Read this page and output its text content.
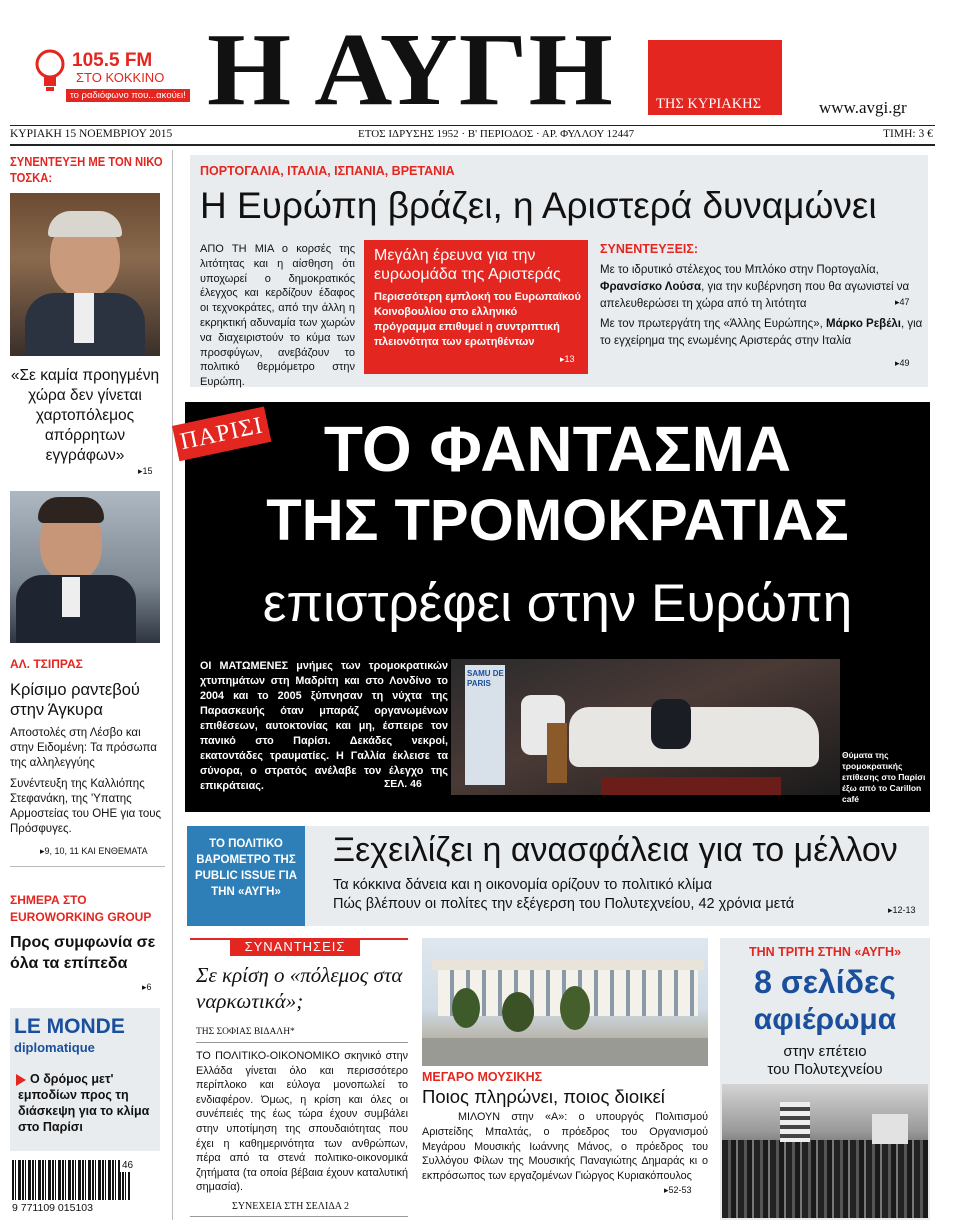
105.5 FM
ΣΤΟ ΚΟΚΚΙΝΟ
το ραδιόφωνο που...ακούει! Η ΑΥΓΗ	ΤΗΣ ΚΥΡΙΑΚΗΣ	www.avgi.gr
ΚΥΡΙΑΚΗ 15 ΝΟΕΜΒΡΙΟΥ 2015	ΕΤΟΣ ΙΔΡΥΣΗΣ 1952 · Β' ΠΕΡΙΟΔΟΣ · ΑΡ. ΦΥΛΛΟΥ 12447	ΤΙΜΗ: 3 €
ΣΥΝΕΝΤΕΥΞΗ ΜΕ ΤΟΝ ΝΙΚΟ ΤΟΣΚΑ:
«Σε καμία προηγμένη χώρα δεν γίνεται χαρτοπόλεμος απόρρητων εγγράφων»
▸ 15
ΑΛ. ΤΣΙΠΡΑΣ
Κρίσιμο ραντεβού στην Άγκυρα
Αποστολές στη Λέσβο και στην Ειδομένη: Τα πρόσωπα της αλληλεγγύης
Συνέντευξη της Καλλιόπης Στεφανάκη, της 'Υπατης Αρμοστείας του ΟΗΕ για τους Πρόσφυγες.
▸ 9, 10, 11 ΚΑΙ ΕΝΘΕΜΑΤΑ
ΣΗΜΕΡΑ ΣΤΟ EUROWORKING GROUP
Προς συμφωνία σε όλα τα επίπεδα
▸ 6
LE MONDE
diplomatique
Ο δρόμος μετ' εμποδίων προς τη διάσκεψη για το κλίμα στο Παρίσι
46
9 771109 015103
ΠΟΡΤΟΓΑΛΙΑ, ΙΤΑΛΙΑ, ΙΣΠΑΝΙΑ, ΒΡΕΤΑΝΙΑ
Η Ευρώπη βράζει, η Αριστερά δυναμώνει
ΑΠΟ ΤΗ ΜΙΑ ο κορσές της λιτότητας και η αίσθηση ότι υποχωρεί ο δημοκρατικός έλεγχος και κερδίζουν έδαφος οι τεχνοκράτες, από την άλλη η εκρηκτική αδυναμία των χωρών να διαχειριστούν το κύμα των προσφύγων, ανεβάζουν το πολιτικό θερμόμετρο στην Ευρώπη.
Μεγάλη έρευνα για την ευρωομάδα της Αριστεράς
Περισσότερη εμπλοκή του Ευρωπαϊκού Κοινοβουλίου στο ελληνικό πρόγραμμα επιθυμεί η συντριπτική πλειονότητα των ερωτηθέντων
▸ 13
ΣΥΝΕΝΤΕΥΞΕΙΣ:
Με το ιδρυτικό στέλεχος του Μπλόκο στην Πορτογαλία, Φρανσίσκο Λούσα, για την κυβέρνηση που θα αγωνιστεί να απελευθερώσει τη χώρα από τη λιτότητα	▸ 47
Με τον πρωτεργάτη της «Άλλης Ευρώπης», Μάρκο Ρεβέλι, για το εγχείρημα της ενωμένης Αριστεράς στην Ιταλία
▸ 49
ΠΑΡΙΣΙ ΤΟ ΦΑΝΤΑΣΜΑ
ΤΗΣ ΤΡΟΜΟΚΡΑΤΙΑΣ
επιστρέφει στην Ευρώπη
ΟΙ ΜΑΤΩΜΕΝΕΣ μνήμες των τρομοκρατικών χτυπημάτων στη Μαδρίτη και στο Λονδίνο το 2004 και το 2005 ξύπνησαν τη νύχτα της Παρασκευής όταν μπαράζ οργανωμένων επιθέσεων, αυτοκτονίας και μη, έσπειρε τον πανικό στο Παρίσι. Δεκάδες νεκροί, εκατοντάδες τραυματίες. Η Γαλλία έκλεισε τα σύνορα, ο στρατός ανέλαβε τον έλεγχο της επικράτειας.	ΣΕΛ. 46
SAMU DE PARIS
Θύματα της τρομοκρατικής επίθεσης στο Παρίσι έξω από το Carillon café
ΤΟ ΠΟΛΙΤΙΚΟ ΒΑΡΟΜΕΤΡΟ ΤΗΣ PUBLIC ISSUE ΓΙΑ ΤΗΝ «ΑΥΓΗ»
Ξεχειλίζει η ανασφάλεια για το μέλλον
Τα κόκκινα δάνεια και η οικονομία ορίζουν το πολιτικό κλίμα
Πώς βλέπουν οι πολίτες την εξέγερση του Πολυτεχνείου, 42 χρόνια μετά	▸ 12-13
ΣΥΝΑΝΤΗΣΕΙΣ
Σε κρίση ο «πόλεμος στα ναρκωτικά»;
ΤΗΣ ΣΟΦΙΑΣ ΒΙΔΑΛΗ*
ΤΟ ΠΟΛΙΤΙΚΟ-ΟΙΚΟΝΟΜΙΚΟ σκηνικό στην Ελλάδα γίνεται όλο και περισσότερο περίπλοκο και εύλογα μονοπωλεί το ενδιαφέρον. Όμως, η κρίση και όλες οι συνέπειές της έως τώρα έχουν συμβάλει στην υποτίμηση της σπουδαιότητας που έχει η καθημερινότητα των ανθρώπων, πέρα από τα στενά πολιτικο-οικονομικά ζητήματα (τα οποία βέβαια έχουν καταλυτική σημασία).
ΣΥΝΕΧΕΙΑ ΣΤΗ ΣΕΛΙΔΑ 2
ΜΕΓΑΡΟ ΜΟΥΣΙΚΗΣ
Ποιος πληρώνει, ποιος διοικεί
ΜΙΛΟΥΝ στην «Α»: ο υπουργός Πολιτισμού Αριστείδης Μπαλτάς, ο πρόεδρος του Οργανισμού Μεγάρου Μουσικής Ιωάννης Μάνος, ο πρόεδρος του Συλλόγου Φίλων της Μουσικής Παναγιώτης Δημαράς κι ο εκπρόσωπος των εργαζομένων Γιώργος Κυριακόπουλος
▸ 52-53
ΤΗΝ ΤΡΙΤΗ ΣΤΗΝ «ΑΥΓΗ»
8 σελίδες
αφιέρωμα
στην επέτειο
του Πολυτεχνείου
